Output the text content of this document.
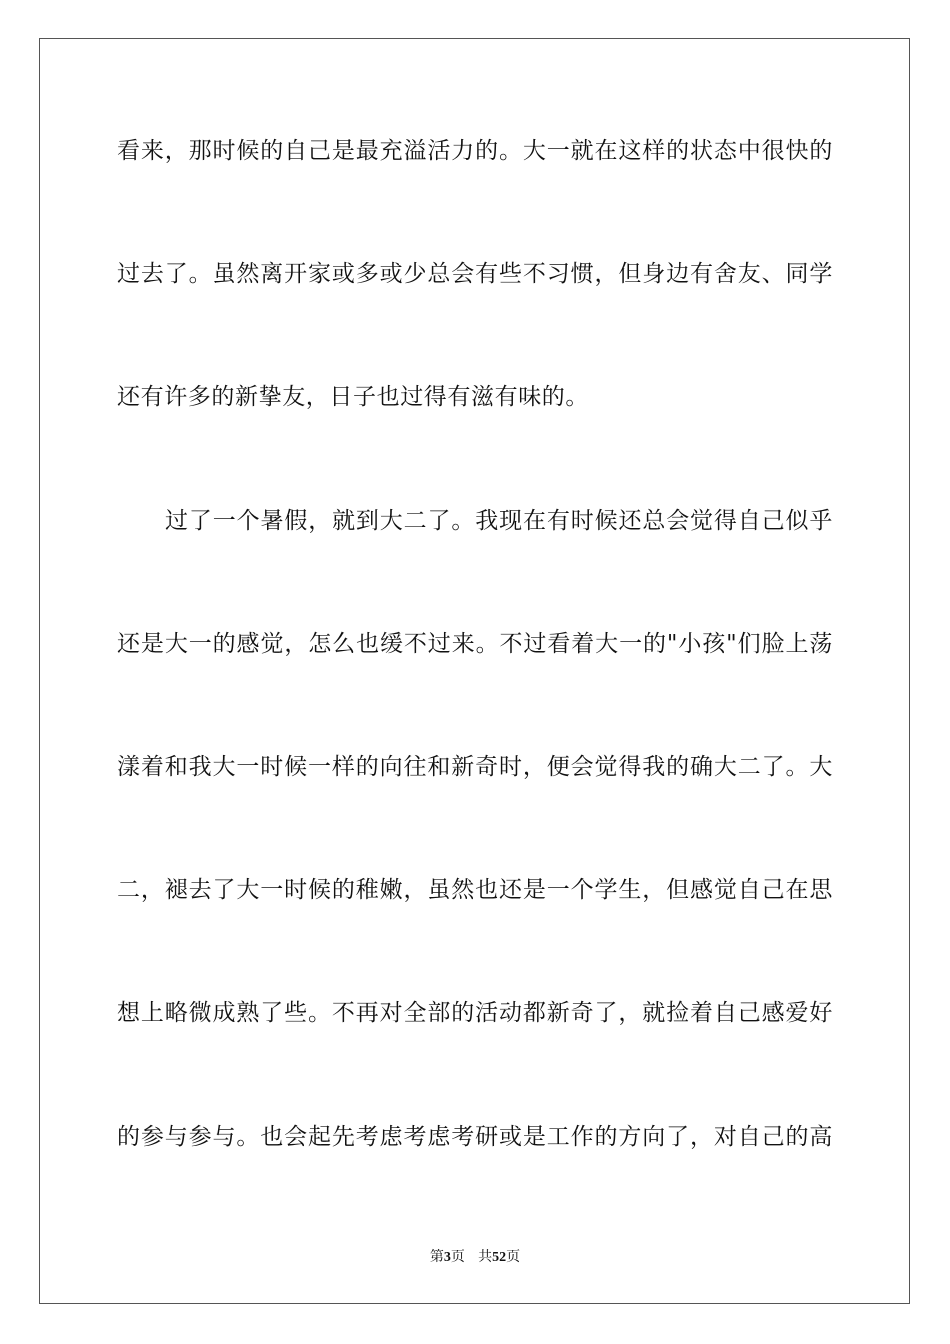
看来，那时候的自己是最充溢活力的。大一就在这样的状态中很快的
过去了。虽然离开家或多或少总会有些不习惯，但身边有舍友、同学
还有许多的新挚友，日子也过得有滋有味的。
过了一个暑假，就到大二了。我现在有时候还总会觉得自己似乎
还是大一的感觉，怎么也缓不过来。不过看着大一的"小孩"们脸上荡
漾着和我大一时候一样的向往和新奇时，便会觉得我的确大二了。大
二，褪去了大一时候的稚嫩，虽然也还是一个学生，但感觉自己在思
想上略微成熟了些。不再对全部的活动都新奇了，就捡着自己感爱好
的参与参与。也会起先考虑考虑考研或是工作的方向了，对自己的高
第3页 共52页
